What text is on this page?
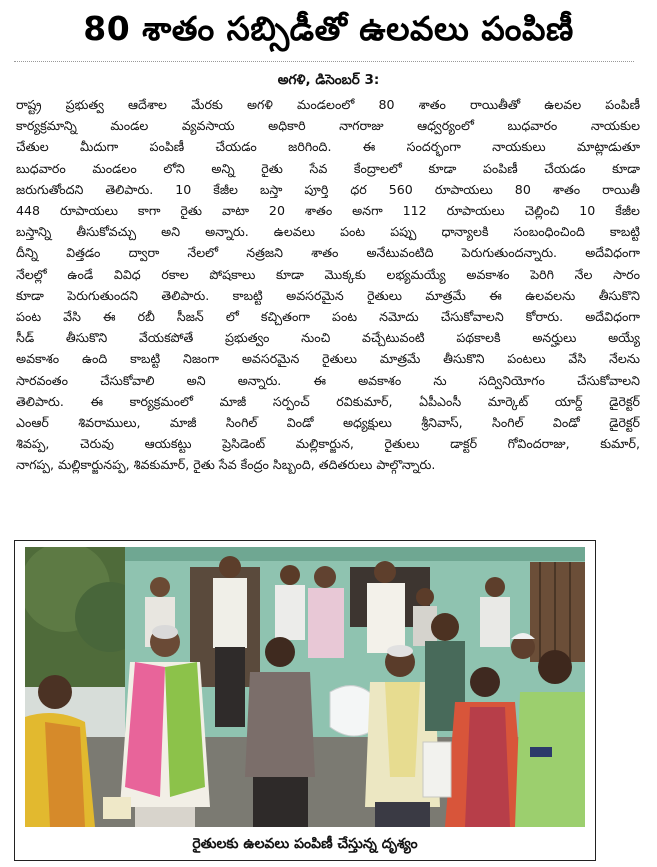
80 శాతం సబ్సిడీతో ఉలవలు పంపిణీ
అగళి, డిసెంబర్ 3:
రాష్ట్ర ప్రభుత్వ ఆదేశాల మేరకు అగళి మండలంలో 80 శాతం రాయితీతో ఉలవల పంపిణీ
కార్యక్రమాన్ని మండల వ్యవసాయ అధికారి నాగరాజు ఆధ్వర్యంలో బుధవారం నాయకుల
చేతుల మీదుగా పంపిణీ చేయడం జరిగింది. ఈ సందర్భంగా నాయకులు మాట్లాడుతూ
బుధవారం మండలం లోని అన్ని రైతు సేవ కేంద్రాలలో కూడా పంపిణీ చేయడం కూడా
జరుగుతోందని తెలిపారు. 10 కేజీల బస్తా పూర్తి ధర 560 రూపాయలు 80 శాతం రాయితీ
448 రూపాయలు కాగా రైతు వాటా 20 శాతం అనగా 112 రూపాయలు చెల్లించి 10 కేజీల
బస్తాన్ని తీసుకోవచ్చు అని అన్నారు. ఉలవలు పంట పప్పు ధాన్యాలకి సంబంధించింది కాబట్టి
దీన్ని విత్తడం ద్వారా నేలలో నత్రజని శాతం అనేటువంటిది పెరుగుతుందన్నారు. అదేవిధంగా
నేలల్లో ఉండే వివిధ రకాల పోషకాలు కూడా మొక్కకు లభ్యమయ్యే అవకాశం పెరిగి నేల సారం
కూడా పెరుగుతుందని తెలిపారు. కాబట్టి అవసరమైన రైతులు మాత్రమే ఈ ఉలవలను తీసుకొని
పంట వేసి ఈ రబీ సీజన్ లో కచ్చితంగా పంట నమోదు చేసుకోవాలని కోరారు. అదేవిధంగా
సీడ్ తీసుకొని వేయకపోతే ప్రభుత్వం నుంచి వచ్చేటువంటి పథకాలకి అనర్హులు అయ్యే
అవకాశం ఉంది కాబట్టి నిజంగా అవసరమైన రైతులు మాత్రమే తీసుకొని పంటలు వేసి నేలను
సారవంతం చేసుకోవాలి అని అన్నారు. ఈ అవకాశం ను సద్వినియోగం చేసుకోవాలని
తెలిపారు. ఈ కార్యక్రమంలో మాజీ సర్పంచ్ రవికుమార్, ఏపీఎంసీ మార్కెట్ యార్డ్ డైరెక్టర్
ఎంఆర్ శివరాములు, మాజీ సింగిల్ విండో అధ్యక్షులు శ్రీనివాస్, సింగిల్ విండో డైరెక్టర్
శివప్ప, చెరువు ఆయకట్టు ప్రెసిడెంట్ మల్లికార్జున, రైతులు డాక్టర్ గోవిందరాజు, కుమార్,
నాగప్ప, మల్లికార్జునప్ప, శివకుమార్, రైతు సేవ కేంద్రం సిబ్బంది, తదితరులు పాల్గొన్నారు.
రైతులకు ఉలవలు పంపిణీ చేస్తున్న దృశ్యం
